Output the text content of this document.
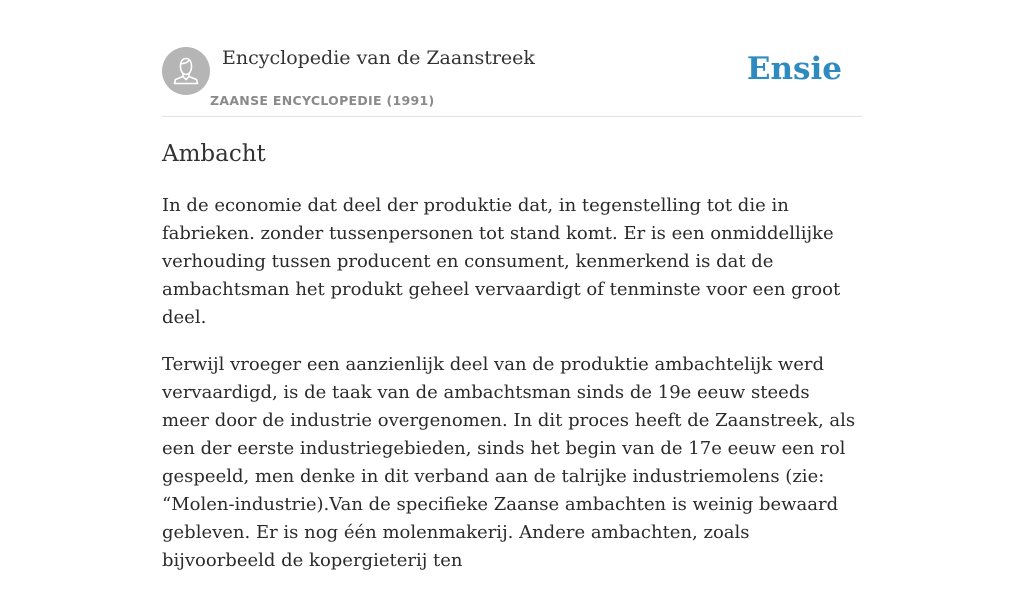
Encyclopedie van de Zaanstreek
ZAANSE ENCYCLOPEDIE (1991)
Ensie
Ambacht

In de economie dat deel der produktie dat, in tegenstelling tot die in fabrieken. zonder tussenpersonen tot stand komt. Er is een onmiddellijke verhouding tussen producent en consument, kenmerkend is dat de ambachtsman het produkt geheel vervaardigt of tenminste voor een groot deel.

Terwijl vroeger een aanzienlijk deel van de produktie ambachtelijk werd vervaardigd, is de taak van de ambachtsman sinds de 19e eeuw steeds meer door de industrie overgenomen. In dit proces heeft de Zaanstreek, als een der eerste industriegebieden, sinds het begin van de 17e eeuw een rol gespeeld, men denke in dit verband aan de talrijke industriemolens (zie: “Molen-industrie).Van de specifieke Zaanse ambachten is weinig bewaard gebleven. Er is nog één molenmakerij. Andere ambachten, zoals bijvoorbeeld de kopergieterij ten
